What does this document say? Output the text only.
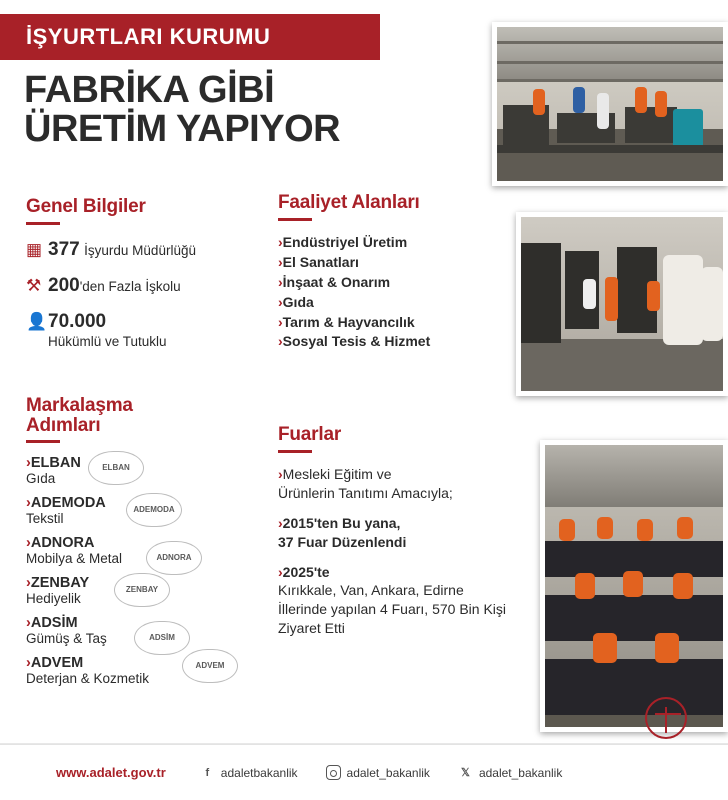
İŞYURTLARI KURUMU
FABRİKA GİBİ
ÜRETİM YAPIYOR
Genel Bilgiler
▦ 377 İşyurdu Müdürlüğü
⚒ 200'den Fazla İşkolu
👤 70.000
Hükümlü ve Tutuklu
Faaliyet Alanları
›Endüstriyel Üretim
›El Sanatları
›İnşaat & Onarım
›Gıda
›Tarım & Hayvancılık
›Sosyal Tesis & Hizmet
Markalaşma
Adımları
›ELBAN
Gıda
ELBAN
›ADEMODA
Tekstil
ADEMODA
›ADNORA
Mobilya & Metal	ADNORA
›ZENBAY
Hediyelik
ZENBAY
›ADSİM
Gümüş & Taş	ADSİM
›ADVEM
Deterjan & Kozmetik
ADVEM
Fuarlar
›Mesleki Eğitim ve
Ürünlerin Tanıtımı Amacıyla;
›2015'ten Bu yana,
37 Fuar Düzenlendi
›2025'te
Kırıkkale, Van, Ankara, Edirne İllerinde yapılan 4 Fuarı, 570 Bin Kişi Ziyaret Etti
www.adalet.gov.tr	f adaletbakanlik	adalet_bakanlik	𝕏 adalet_bakanlik
